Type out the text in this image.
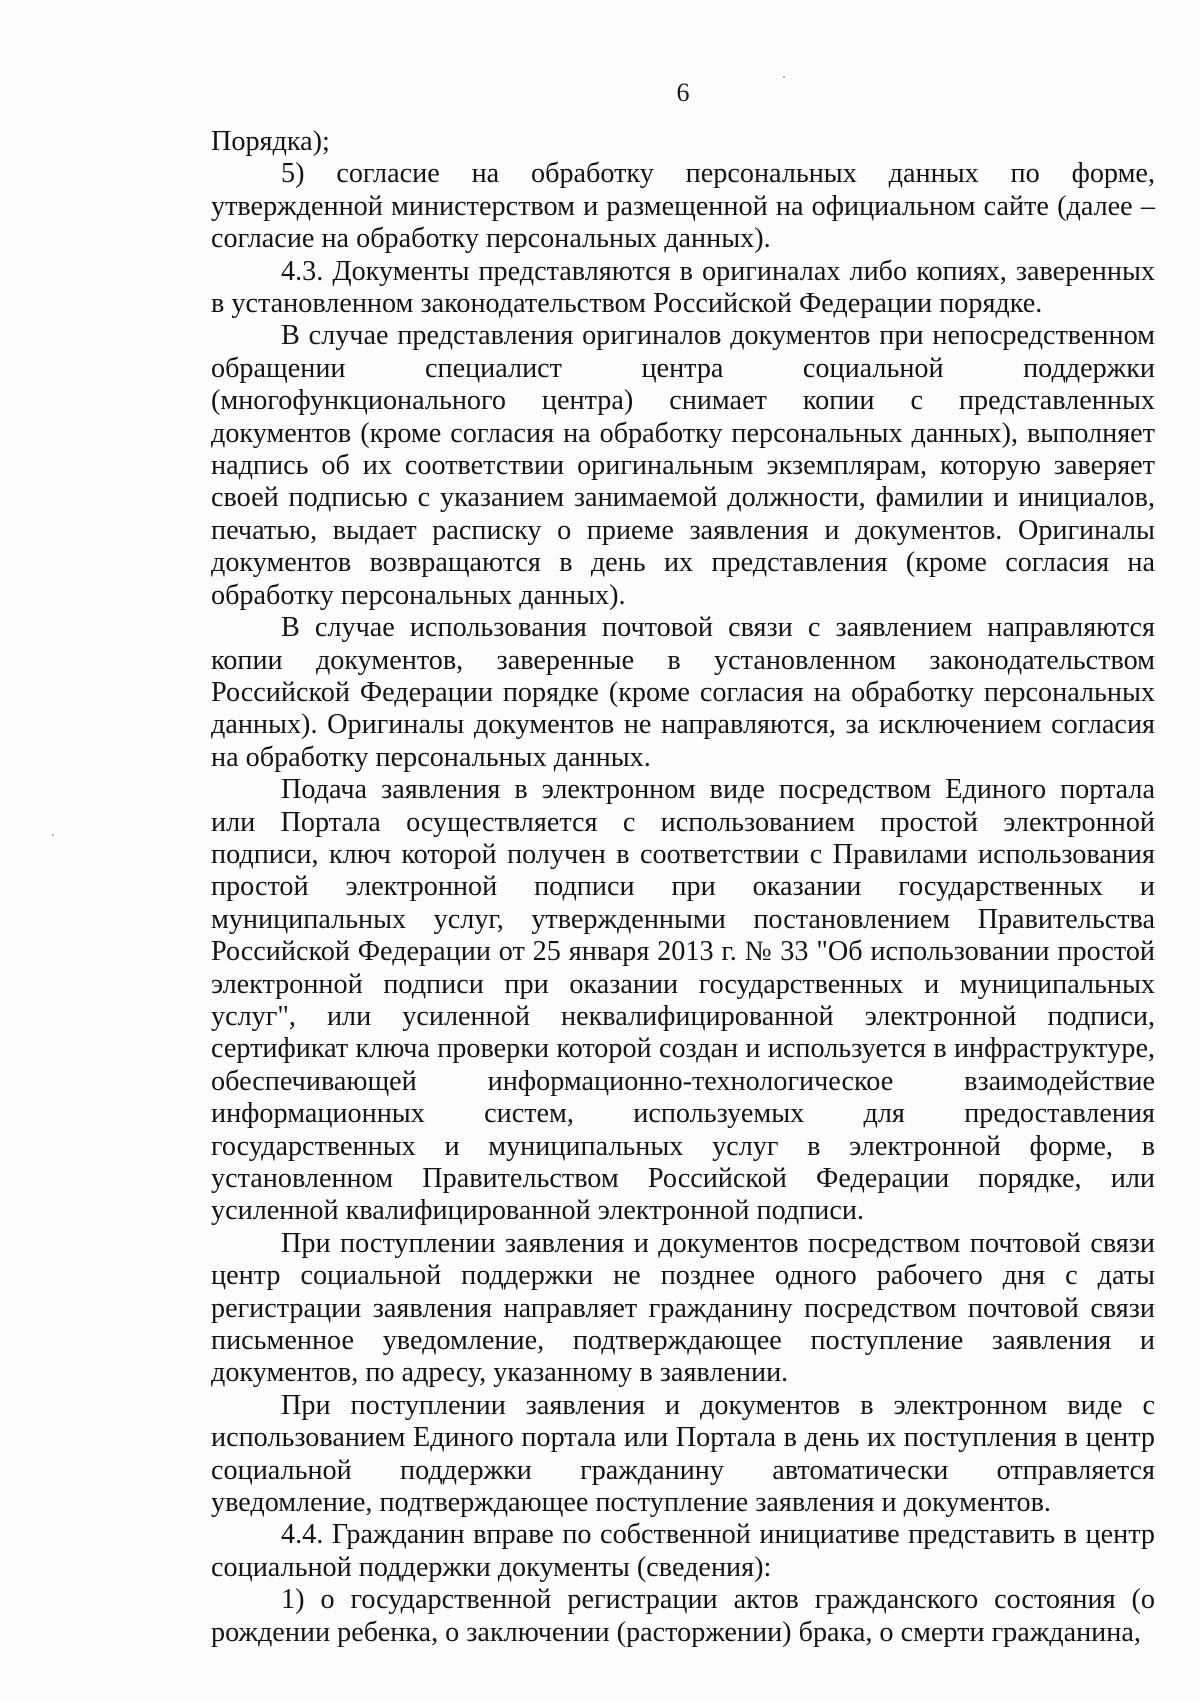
6

Порядка);

5) согласие на обработку персональных данных по форме, утвержденной министерством и размещенной на официальном сайте (далее – согласие на обработку персональных данных).

4.3. Документы представляются в оригиналах либо копиях, заверенных в установленном законодательством Российской Федерации порядке.

В случае представления оригиналов документов при непосредственном обращении специалист центра социальной поддержки (многофункционального центра) снимает копии с представленных документов (кроме согласия на обработку персональных данных), выполняет надпись об их соответствии оригинальным экземплярам, которую заверяет своей подписью с указанием занимаемой должности, фамилии и инициалов, печатью, выдает расписку о приеме заявления и документов. Оригиналы документов возвращаются в день их представления (кроме согласия на обработку персональных данных).

В случае использования почтовой связи с заявлением направляются копии документов, заверенные в установленном законодательством Российской Федерации порядке (кроме согласия на обработку персональных данных). Оригиналы документов не направляются, за исключением согласия на обработку персональных данных.

Подача заявления в электронном виде посредством Единого портала или Портала осуществляется с использованием простой электронной подписи, ключ которой получен в соответствии с Правилами использования простой электронной подписи при оказании государственных и муниципальных услуг, утвержденными постановлением Правительства Российской Федерации от 25 января 2013 г. № 33 "Об использовании простой электронной подписи при оказании государственных и муниципальных услуг", или усиленной неквалифицированной электронной подписи, сертификат ключа проверки которой создан и используется в инфраструктуре, обеспечивающей информационно-технологическое взаимодействие информационных систем, используемых для предоставления государственных и муниципальных услуг в электронной форме, в установленном Правительством Российской Федерации порядке, или усиленной квалифицированной электронной подписи.

При поступлении заявления и документов посредством почтовой связи центр социальной поддержки не позднее одного рабочего дня с даты регистрации заявления направляет гражданину посредством почтовой связи письменное уведомление, подтверждающее поступление заявления и документов, по адресу, указанному в заявлении.

При поступлении заявления и документов в электронном виде с использованием Единого портала или Портала в день их поступления в центр социальной поддержки гражданину автоматически отправляется уведомление, подтверждающее поступление заявления и документов.

4.4. Гражданин вправе по собственной инициативе представить в центр социальной поддержки документы (сведения):

1) о государственной регистрации актов гражданского состояния (о рождении ребенка, о заключении (расторжении) брака, о смерти гражданина,
